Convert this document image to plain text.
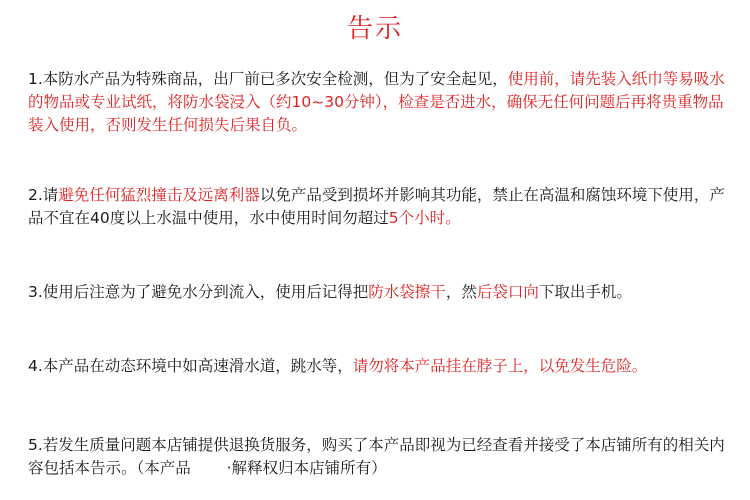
告示

1.本防水产品为特殊商品，出厂前已多次安全检测，但为了安全起见，使用前，请先装入纸巾等易吸水的物品或专业试纸，将防水袋浸入（约10~30分钟），检查是否进水，确保无任何问题后再将贵重物品装入使用，否则发生任何损失后果自负。

2.请避免任何猛烈撞击及远离利器以免产品受到损坏并影响其功能，禁止在高温和腐蚀环境下使用，产品不宜在40度以上水温中使用，水中使用时间勿超过5个小时。

3.使用后注意为了避免水分到流入，使用后记得把防水袋擦干，然后袋口向下取出手机。

4.本产品在动态环境中如高速滑水道，跳水等，请勿将本产品挂在脖子上，以免发生危险。

5.若发生质量问题本店铺提供退换货服务，购买了本产品即视为已经查看并接受了本店铺所有的相关内容包括本告示。（本产品　　 ·解释权归本店铺所有）
